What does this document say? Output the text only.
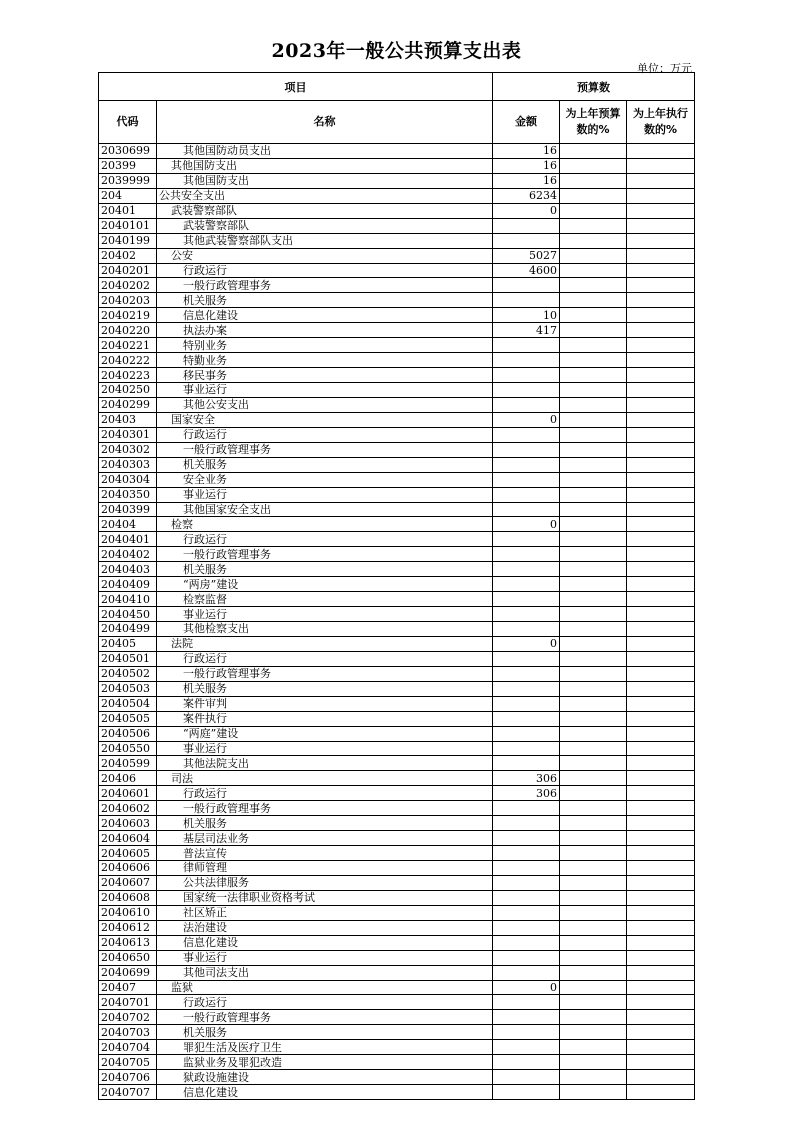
2023年一般公共预算支出表
单位：万元
项目		预算数		
代码	名称	金额	为上年预算数的%	为上年执行数的%
2030699	其他国防动员支出	16		
20399	其他国防支出	16		
2039999	其他国防支出	16		
204	公共安全支出	6234		
20401	武装警察部队	0		
2040101	武装警察部队			
2040199	其他武装警察部队支出			
20402	公安	5027		
2040201	行政运行	4600		
2040202	一般行政管理事务			
2040203	机关服务			
2040219	信息化建设	10		
2040220	执法办案	417		
2040221	特别业务			
2040222	特勤业务			
2040223	移民事务			
2040250	事业运行			
2040299	其他公安支出			
20403	国家安全	0		
2040301	行政运行			
2040302	一般行政管理事务			
2040303	机关服务			
2040304	安全业务			
2040350	事业运行			
2040399	其他国家安全支出			
20404	检察	0		
2040401	行政运行			
2040402	一般行政管理事务			
2040403	机关服务			
2040409	“两房”建设			
2040410	检察监督			
2040450	事业运行			
2040499	其他检察支出			
20405	法院	0		
2040501	行政运行			
2040502	一般行政管理事务			
2040503	机关服务			
2040504	案件审判			
2040505	案件执行			
2040506	“两庭”建设			
2040550	事业运行			
2040599	其他法院支出			
20406	司法	306		
2040601	行政运行	306		
2040602	一般行政管理事务			
2040603	机关服务			
2040604	基层司法业务			
2040605	普法宣传			
2040606	律师管理			
2040607	公共法律服务			
2040608	国家统一法律职业资格考试			
2040610	社区矫正			
2040612	法治建设			
2040613	信息化建设			
2040650	事业运行			
2040699	其他司法支出			
20407	监狱	0		
2040701	行政运行			
2040702	一般行政管理事务			
2040703	机关服务			
2040704	罪犯生活及医疗卫生			
2040705	监狱业务及罪犯改造			
2040706	狱政设施建设			
2040707	信息化建设			
